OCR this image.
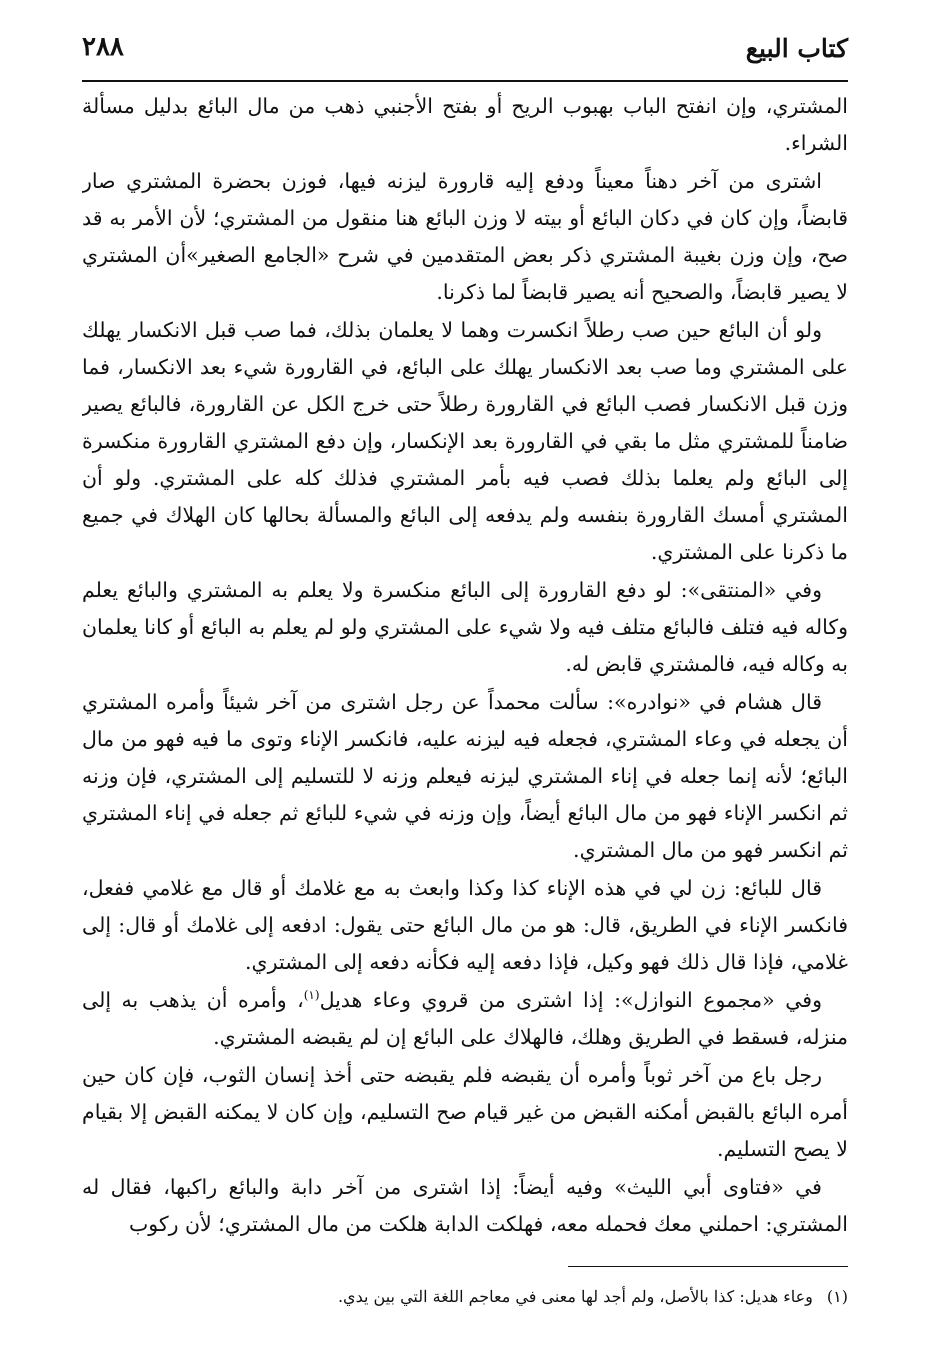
كتاب البيع
٢٨٨

المشتري، وإن انفتح الباب بهبوب الريح أو بفتح الأجنبي ذهب من مال البائع بدليل مسألة الشراء.

اشترى من آخر دهناً معيناً ودفع إليه قارورة ليزنه فيها، فوزن بحضرة المشتري صار قابضاً، وإن كان في دكان البائع أو بيته لا وزن البائع هنا منقول من المشتري؛ لأن الأمر به قد صح، وإن وزن بغيبة المشتري ذكر بعض المتقدمين في شرح «الجامع الصغير»أن المشتري لا يصير قابضاً، والصحيح أنه يصير قابضاً لما ذكرنا.

ولو أن البائع حين صب رطلاً انكسرت وهما لا يعلمان بذلك، فما صب قبل الانكسار يهلك على المشتري وما صب بعد الانكسار يهلك على البائع، في القارورة شيء بعد الانكسار، فما وزن قبل الانكسار فصب البائع في القارورة رطلاً حتى خرج الكل عن القارورة، فالبائع يصير ضامناً للمشتري مثل ما بقي في القارورة بعد الإنكسار، وإن دفع المشتري القارورة منكسرة إلى البائع ولم يعلما بذلك فصب فيه بأمر المشتري فذلك كله على المشتري. ولو أن المشتري أمسك القارورة بنفسه ولم يدفعه إلى البائع والمسألة بحالها كان الهلاك في جميع ما ذكرنا على المشتري.

وفي «المنتقى»: لو دفع القارورة إلى البائع منكسرة ولا يعلم به المشتري والبائع يعلم وكاله فيه فتلف فالبائع متلف فيه ولا شيء على المشتري ولو لم يعلم به البائع أو كانا يعلمان به وكاله فيه، فالمشتري قابض له.

قال هشام في «نوادره»: سألت محمداً عن رجل اشترى من آخر شيئاً وأمره المشتري أن يجعله في وعاء المشتري، فجعله فيه ليزنه عليه، فانكسر الإناء وتوى ما فيه فهو من مال البائع؛ لأنه إنما جعله في إناء المشتري ليزنه فيعلم وزنه لا للتسليم إلى المشتري، فإن وزنه ثم انكسر الإناء فهو من مال البائع أيضاً، وإن وزنه في شيء للبائع ثم جعله في إناء المشتري ثم انكسر فهو من مال المشتري.

قال للبائع: زن لي في هذه الإناء كذا وكذا وابعث به مع غلامك أو قال مع غلامي ففعل، فانكسر الإناء في الطريق، قال: هو من مال البائع حتى يقول: ادفعه إلى غلامك أو قال: إلى غلامي، فإذا قال ذلك فهو وكيل، فإذا دفعه إليه فكأنه دفعه إلى المشتري.

وفي «مجموع النوازل»: إذا اشترى من قروي وعاء هديل$^{(١)}$، وأمره أن يذهب به إلى منزله، فسقط في الطريق وهلك، فالهلاك على البائع إن لم يقبضه المشتري.

رجل باع من آخر ثوباً وأمره أن يقبضه فلم يقبضه حتى أخذ إنسان الثوب، فإن كان حين أمره البائع بالقبض أمكنه القبض من غير قيام صح التسليم، وإن كان لا يمكنه القبض إلا بقيام لا يصح التسليم.

في «فتاوى أبي الليث» وفيه أيضاً: إذا اشترى من آخر دابة والبائع راكبها، فقال له المشتري: احملني معك فحمله معه، فهلكت الدابة هلكت من مال المشتري؛ لأن ركوب

(١)وعاء هديل: كذا بالأصل، ولم أجد لها معنى في معاجم اللغة التي بين يدي.
